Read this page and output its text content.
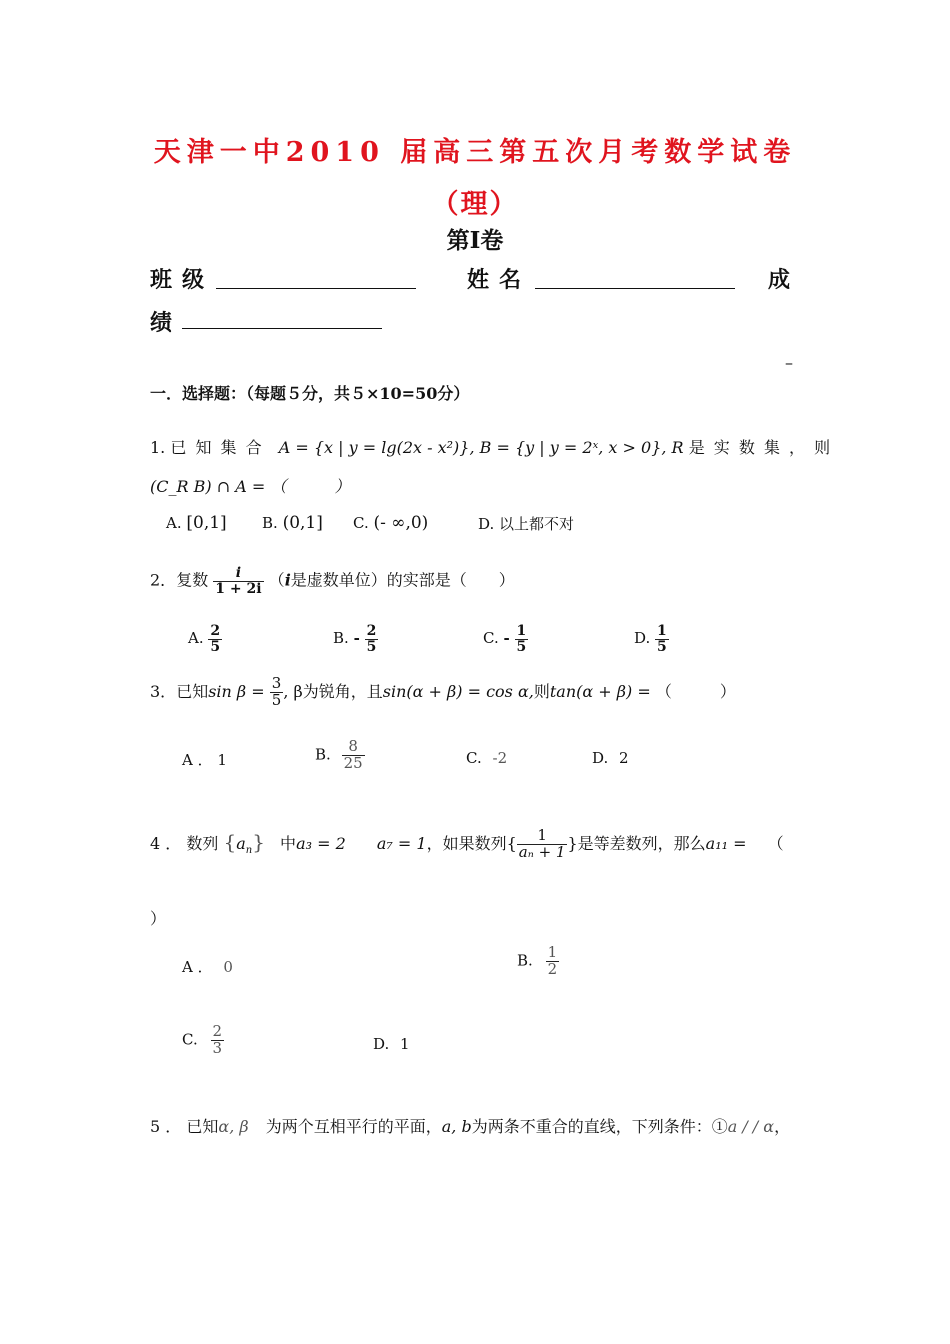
天津一中2010 届高三第五次月考数学试卷
（理）
第Ⅰ卷
班级	姓名	成
绩
–
一．选择题：（每题５分，共５×10=50分）
1. 已 知 集 合 A = {x | y = lg(2x - x²)}, B = {y | y = 2ˣ, x > 0}, R 是 实 数 集 ， 则
(C_R B) ∩ A = （　　　）
A. [0,1] B. (0,1] C. (- ∞,0)	D. 以上都不对
2．复数 $\frac{i}{1 + 2i} (i$是虚数单位）的实部是（　　）
A. $\frac{2}{5}$	B. - $\frac{2}{5}$	C. - $\frac{1}{5}$	D. $\frac{1}{5}$
3．已知$\sin \beta = \frac{3}{5}$ , β为锐角，且sin(α + β) = cos α,则tan(α + β) = （　　　）
A ． 1	B. $\frac{8}{25}$	C. -2	D. 2
4 ． 数列 $\{a_n\}$ 中a₃ = 2 a₇ = 1，如果数列{ $\frac{1}{\text{aₙ + 1}}$ }是等差数列，那么a₁₁ = （
）
A ． 0	B. $\frac{1}{2}$
C. $\frac{2}{3}$	D. 1
5 ． 已知α, β 为两个互相平行的平面，a, b为两条不重合的直线，下列条件：①a / / α，
